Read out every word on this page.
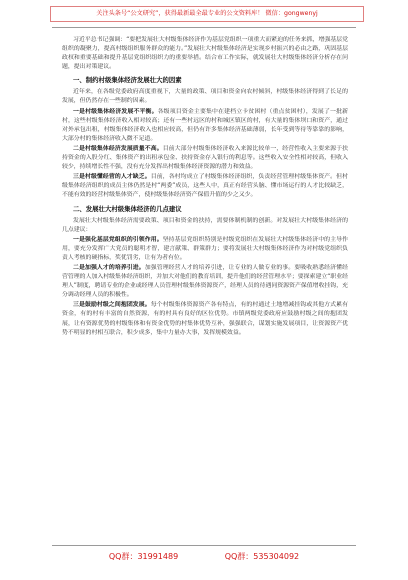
关注头条号“公文研究”，获得最新最全最专业的公文资料库！ 微信：gongwenyj

习近平总书记强调：“要把发展壮大村级集体经济作为基层党组织一项重大而紧迫的任务来抓，增强基层党组织的凝聚力，提高村级组织服务群众的能力。”发展壮大村级集体经济是实现乡村振兴的必由之路，巩固基层政权和重要基础和提升基层党组织组织力的重要举措。结合市工作实际，就发展壮大村级集体经济分析存在问题，提出对策建议。

一、制约村级集体经济发展壮大的因素

近年来，在各级党委政府高度重视下，大量的政策、项目和资金向农村倾斜，村级集体经济得到了长足的发展，但仍然存在一些制约因素。

一是村级集体经济发展不平衡。各级项目资金主要集中在建档立卡贫困村（重点贫困村），发展了一批新村，这些村级集体经济收入相对较高；还有一些村远区的村和城区镇区的村，有大量的集体坝口和资产，通过对外承包出租，村级集体经济收入也相应较高，但仍有许多集体经济基础薄弱，长年受到等待等靠靠的影响，大部分村的集体经济收入微不足道。

二是村级集体经济发展质量不高。目前大部分村级集体经济收入来源比较单一，经营性收入主要来源于扶持资金的入股分红、集体资产的出租承包金、扶持资金存入银行的利息等。这些收入安全性相对较高，但收入较少，持续增长性不强，没有充分发挥出村级集体经济资源的潜力和效益。

三是村级懂经营的人才缺乏。目前，各村均成立了村级集体经济组织，负责经营管理村级集体资产。但村级集体经济组织的成员主体仍然是村“两委”成员，这些人中，真正有经营头脑、懂市场运行的人才比较缺乏，不能有效的经营村级集体资产，使村级集体经济资产保值升值的少之又少。

二、发展壮大村级集体经济的几点建议

发展壮大村级集体经济需要政策、项目和资金的扶持，需要体制机制的创新。对发展壮大村级集体经济的几点建议：

一是强化基层党组织的引领作用。坚持基层党组织特别是村级党组织在发展壮大村级集体经济中的主导作用，要充分发挥广大党员的聪明才智，建言献策、群策群力；要将发展壮大村级集体经济作为对村级党组织负责人考核的硬指标，奖优罚劣，让有为者有位。

二是加强人才的培养引进。加强管理经营人才的培养引进，让专业的人做专业的事。要吸收熟悉经济懂经营管理的人加入村级集体经济组织，并加大对他们的教育培训，提升他们的经营管理水平；要探索建立“职业经理人”制度，聘请专业的企业或经理人员管理村级集体资源资产，经理人员的待遇同资源资产保值增收挂钩，充分调动经理人员的积极性。

三是鼓励村级之间抱团发展。每个村级集体资源资产各有特点，有的村通过土地增减挂钩或其他方式累有资金，有的村有丰富的自然资源，有的村具有良好的区位优势。市镇两级党委政府应鼓励村级之间的抱团发展，让有资源优势的村级集体和有资金优势的村集体优势互补，强强联合，谋划实施发展项目，让资源资产优势不明显的村相互联合，积少成多，集中力量办大事，发挥规模效益。

QQ群：31991489	QQ群：535304092
